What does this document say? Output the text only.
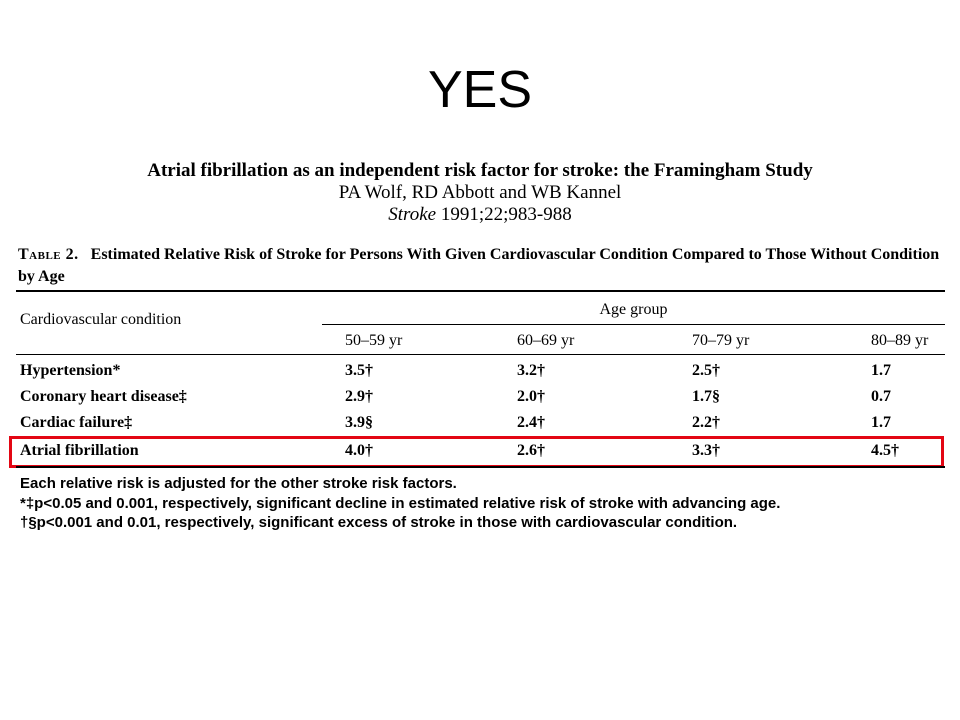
YES
Atrial fibrillation as an independent risk factor for stroke: the Framingham Study
PA Wolf, RD Abbott and WB Kannel
Stroke 1991;22;983-988
Table 2. Estimated Relative Risk of Stroke for Persons With Given Cardiovascular Condition Compared to Those Without Condition by Age
Cardiovascular condition
Age group
50–59 yr	60–69 yr	70–79 yr	80–89 yr
Hypertension*	3.5†	3.2†	2.5†	1.7
Coronary heart disease‡	2.9†	2.0†	1.7§	0.7
Cardiac failure‡	3.9§	2.4†	2.2†	1.7
Atrial fibrillation	4.0†	2.6†	3.3†	4.5†
Each relative risk is adjusted for the other stroke risk factors.
*‡p<0.05 and 0.001, respectively, significant decline in estimated relative risk of stroke with advancing age.
†§p<0.001 and 0.01, respectively, significant excess of stroke in those with cardiovascular condition.
